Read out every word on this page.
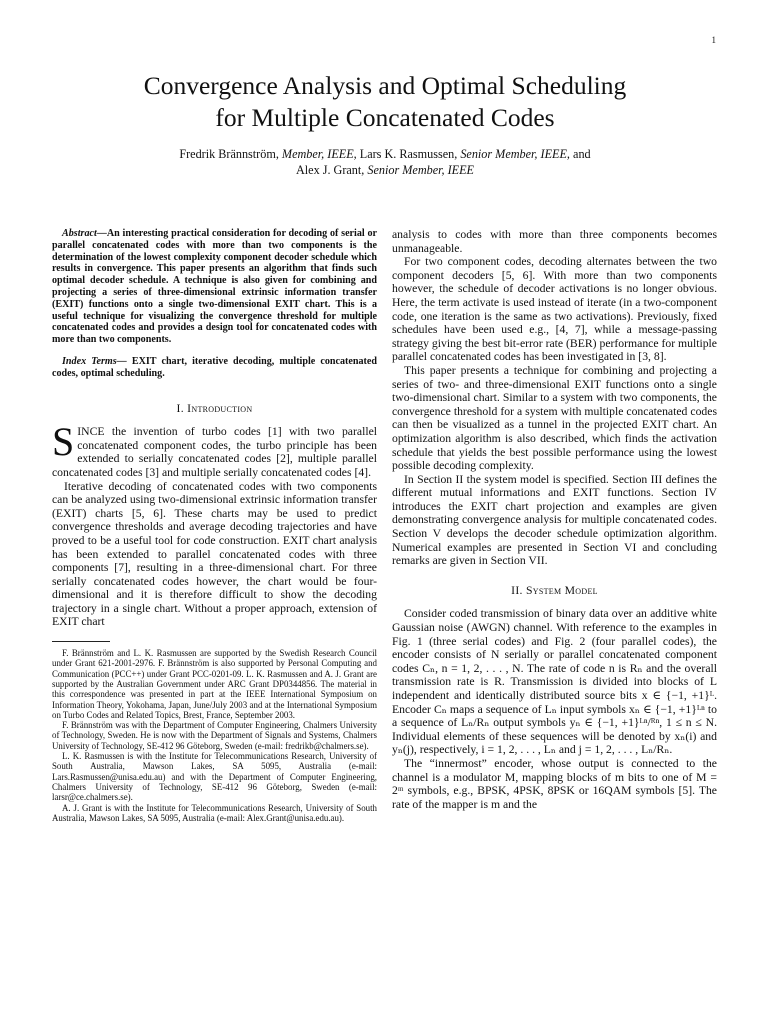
1
Convergence Analysis and Optimal Scheduling
for Multiple Concatenated Codes
Fredrik Brännström, Member, IEEE, Lars K. Rasmussen, Senior Member, IEEE, and
Alex J. Grant, Senior Member, IEEE

Abstract—An interesting practical consideration for decoding of serial or parallel concatenated codes with more than two components is the determination of the lowest complexity component decoder schedule which results in convergence. This paper presents an algorithm that finds such optimal decoder schedule. A technique is also given for combining and projecting a series of three-dimensional extrinsic information transfer (EXIT) functions onto a single two-dimensional EXIT chart. This is a useful technique for visualizing the convergence threshold for multiple concatenated codes and provides a design tool for concatenated codes with more than two components.

Index Terms— EXIT chart, iterative decoding, multiple concatenated codes, optimal scheduling.

I. Introduction

SINCE the invention of turbo codes [1] with two parallel concatenated component codes, the turbo principle has been extended to serially concatenated codes [2], multiple parallel concatenated codes [3] and multiple serially concatenated codes [4].

Iterative decoding of concatenated codes with two components can be analyzed using two-dimensional extrinsic information transfer (EXIT) charts [5, 6]. These charts may be used to predict convergence thresholds and average decoding trajectories and have proved to be a useful tool for code construction. EXIT chart analysis has been extended to parallel concatenated codes with three components [7], resulting in a three-dimensional chart. For three serially concatenated codes however, the chart would be four-dimensional and it is therefore difficult to show the decoding trajectory in a single chart. Without a proper approach, extension of EXIT chart

F. Brännström and L. K. Rasmussen are supported by the Swedish Research Council under Grant 621-2001-2976. F. Brännström is also supported by Personal Computing and Communication (PCC++) under Grant PCC-0201-09. L. K. Rasmussen and A. J. Grant are supported by the Australian Government under ARC Grant DP0344856. The material in this correspondence was presented in part at the IEEE International Symposium on Information Theory, Yokohama, Japan, June/July 2003 and at the International Symposium on Turbo Codes and Related Topics, Brest, France, September 2003.

F. Brännström was with the Department of Computer Engineering, Chalmers University of Technology, Sweden. He is now with the Department of Signals and Systems, Chalmers University of Technology, SE-412 96 Göteborg, Sweden (e-mail: fredrikb@chalmers.se).

L. K. Rasmussen is with the Institute for Telecommunications Research, University of South Australia, Mawson Lakes, SA 5095, Australia (e-mail: Lars.Rasmussen@unisa.edu.au) and with the Department of Computer Engineering, Chalmers University of Technology, SE-412 96 Göteborg, Sweden (e-mail: larsr@ce.chalmers.se).

A. J. Grant is with the Institute for Telecommunications Research, University of South Australia, Mawson Lakes, SA 5095, Australia (e-mail: Alex.Grant@unisa.edu.au).

analysis to codes with more than three components becomes unmanageable.

For two component codes, decoding alternates between the two component decoders [5, 6]. With more than two components however, the schedule of decoder activations is no longer obvious. Here, the term activate is used instead of iterate (in a two-component code, one iteration is the same as two activations). Previously, fixed schedules have been used e.g., [4, 7], while a message-passing strategy giving the best bit-error rate (BER) performance for multiple parallel concatenated codes has been investigated in [3, 8].

This paper presents a technique for combining and projecting a series of two- and three-dimensional EXIT functions onto a single two-dimensional chart. Similar to a system with two components, the convergence threshold for a system with multiple concatenated codes can then be visualized as a tunnel in the projected EXIT chart. An optimization algorithm is also described, which finds the activation schedule that yields the best possible performance using the lowest possible decoding complexity.

In Section II the system model is specified. Section III defines the different mutual informations and EXIT functions. Section IV introduces the EXIT chart projection and examples are given demonstrating convergence analysis for multiple concatenated codes. Section V develops the decoder schedule optimization algorithm. Numerical examples are presented in Section VI and concluding remarks are given in Section VII.

II. System Model

Consider coded transmission of binary data over an additive white Gaussian noise (AWGN) channel. With reference to the examples in Fig. 1 (three serial codes) and Fig. 2 (four parallel codes), the encoder consists of N serially or parallel concatenated component codes Cₙ, n = 1, 2, . . . , N. The rate of code n is Rₙ and the overall transmission rate is R. Transmission is divided into blocks of L independent and identically distributed source bits x ∈ {−1, +1}ᴸ. Encoder Cₙ maps a sequence of Lₙ input symbols xₙ ∈ {−1, +1}ᴸⁿ to a sequence of Lₙ/Rₙ output symbols yₙ ∈ {−1, +1}ᴸⁿ/ᴿⁿ, 1 ≤ n ≤ N. Individual elements of these sequences will be denoted by xₙ(i) and yₙ(j), respectively, i = 1, 2, . . . , Lₙ and j = 1, 2, . . . , Lₙ/Rₙ.

The “innermost” encoder, whose output is connected to the channel is a modulator M, mapping blocks of m bits to one of M = 2ᵐ symbols, e.g., BPSK, 4PSK, 8PSK or 16QAM symbols [5]. The rate of the mapper is m and the
